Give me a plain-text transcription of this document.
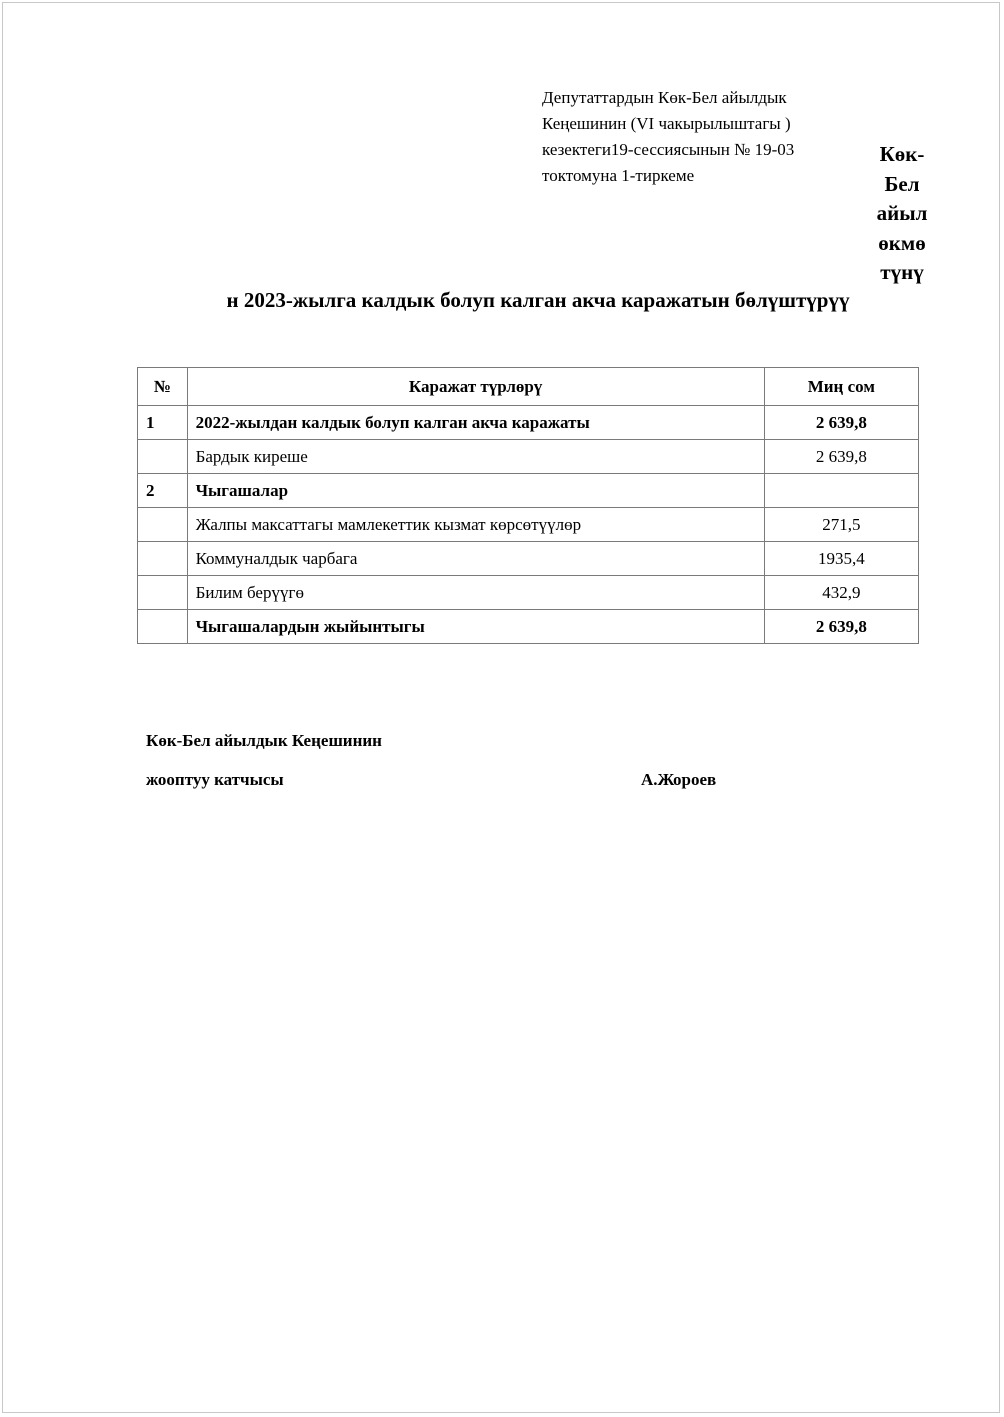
Депутаттардын Көк-Бел айылдык
Кеңешинин (VI чакырылыштагы )
кезектеги19-сессиясынын № 19-03
токтомуна 1-тиркеме
Көк-
Бел
айыл
өкмө
түнү
н 2023-жылга калдык болуп калган акча каражатын бөлүштүрүү
№	Каражат түрлөрү	Миң сом
1	2022-жылдан калдык болуп калган акча каражаты	2 639,8
	Бардык киреше	2 639,8
2	Чыгашалар	
	Жалпы максаттагы мамлекеттик кызмат көрсөтүүлөр	271,5
	Коммуналдык чарбага	1935,4
	Билим берүүгө	432,9
	Чыгашалардын жыйынтыгы	2 639,8
Көк-Бел айылдык Кеңешинин
жооптуу катчысы	А.Жороев
